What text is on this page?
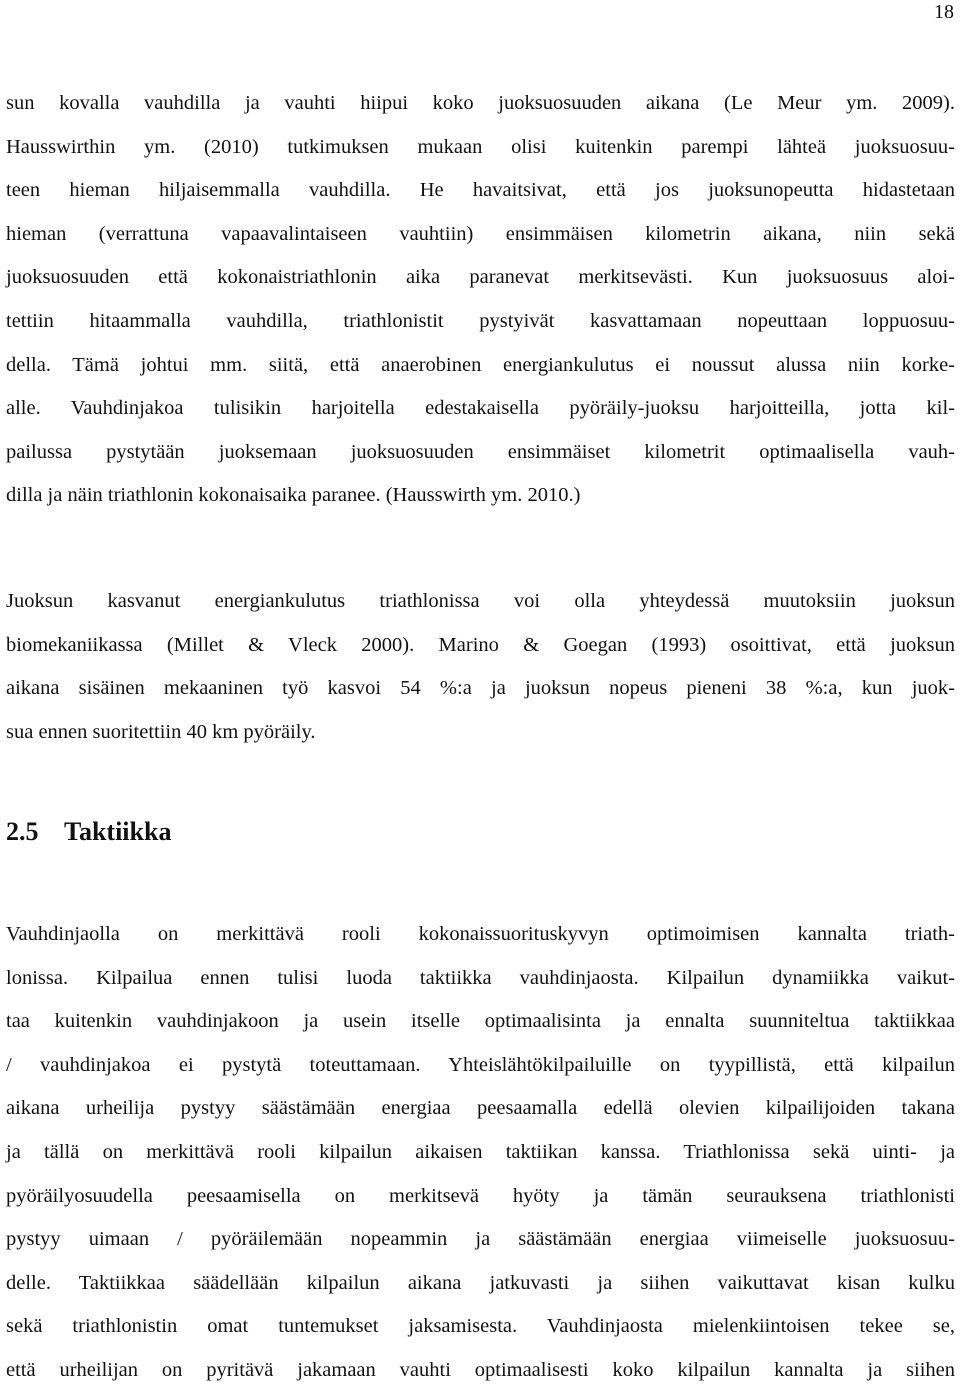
18
sun kovalla vauhdilla ja vauhti hiipui koko juoksuosuuden aikana (Le Meur ym. 2009).
Hausswirthin ym. (2010) tutkimuksen mukaan olisi kuitenkin parempi lähteä juoksuosuu-
teen hieman hiljaisemmalla vauhdilla. He havaitsivat, että jos juoksunopeutta hidastetaan
hieman (verrattuna vapaavalintaiseen vauhtiin) ensimmäisen kilometrin aikana, niin sekä
juoksuosuuden että kokonaistriathlonin aika paranevat merkitsevästi. Kun juoksuosuus aloi-
tettiin hitaammalla vauhdilla, triathlonistit pystyivät kasvattamaan nopeuttaan loppuosuu-
della. Tämä johtui mm. siitä, että anaerobinen energiankulutus ei noussut alussa niin korke-
alle. Vauhdinjakoa tulisikin harjoitella edestakaisella pyöräily-juoksu harjoitteilla, jotta kil-
pailussa pystytään juoksemaan juoksuosuuden ensimmäiset kilometrit optimaalisella vauh-
dilla ja näin triathlonin kokonaisaika paranee. (Hausswirth ym. 2010.)
Juoksun kasvanut energiankulutus triathlonissa voi olla yhteydessä muutoksiin juoksun
biomekaniikassa (Millet & Vleck 2000). Marino & Goegan (1993) osoittivat, että juoksun
aikana sisäinen mekaaninen työ kasvoi 54 %:a ja juoksun nopeus pieneni 38 %:a, kun juok-
sua ennen suoritettiin 40 km pyöräily.
2.5 Taktiikka
Vauhdinjaolla on merkittävä rooli kokonaissuorituskyvyn optimoimisen kannalta triath-
lonissa. Kilpailua ennen tulisi luoda taktiikka vauhdinjaosta. Kilpailun dynamiikka vaikut-
taa kuitenkin vauhdinjakoon ja usein itselle optimaalisinta ja ennalta suunniteltua taktiikkaa
/ vauhdinjakoa ei pystytä toteuttamaan. Yhteislähtökilpailuille on tyypillistä, että kilpailun
aikana urheilija pystyy säästämään energiaa peesaamalla edellä olevien kilpailijoiden takana
ja tällä on merkittävä rooli kilpailun aikaisen taktiikan kanssa. Triathlonissa sekä uinti- ja
pyöräilyosuudella peesaamisella on merkitsevä hyöty ja tämän seurauksena triathlonisti
pystyy uimaan / pyöräilemään nopeammin ja säästämään energiaa viimeiselle juoksuosuu-
delle. Taktiikkaa säädellään kilpailun aikana jatkuvasti ja siihen vaikuttavat kisan kulku
sekä triathlonistin omat tuntemukset jaksamisesta. Vauhdinjaosta mielenkiintoisen tekee se,
että urheilijan on pyritävä jakamaan vauhti optimaalisesti koko kilpailun kannalta ja siihen
